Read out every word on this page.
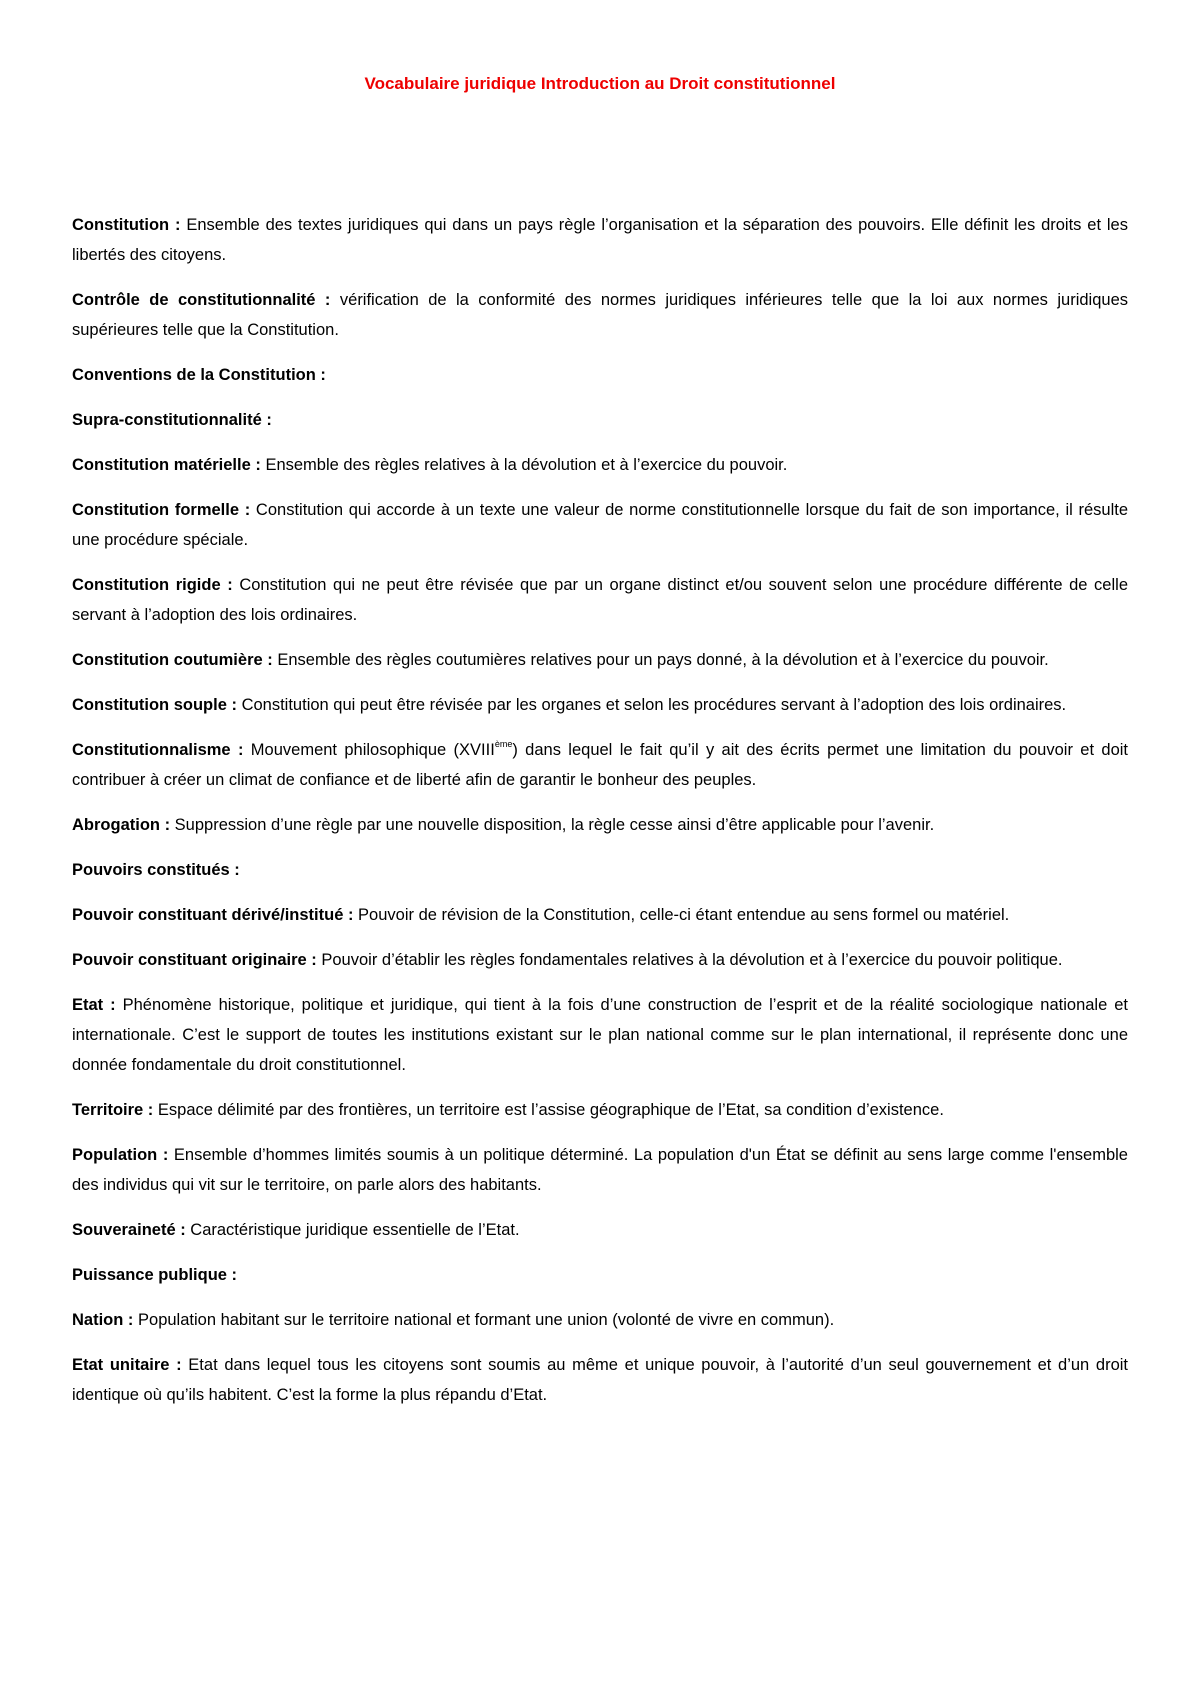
Vocabulaire juridique Introduction au Droit constitutionnel

Constitution : Ensemble des textes juridiques qui dans un pays règle l’organisation et la séparation des pouvoirs. Elle définit les droits et les libertés des citoyens.

Contrôle de constitutionnalité : vérification de la conformité des normes juridiques inférieures telle que la loi aux normes juridiques supérieures telle que la Constitution.

Conventions de la Constitution :

Supra-constitutionnalité :

Constitution matérielle : Ensemble des règles relatives à la dévolution et à l’exercice du pouvoir.

Constitution formelle : Constitution qui accorde à un texte une valeur de norme constitutionnelle lorsque du fait de son importance, il résulte une procédure spéciale.

Constitution rigide : Constitution qui ne peut être révisée que par un organe distinct et/ou souvent selon une procédure différente de celle servant à l’adoption des lois ordinaires.

Constitution coutumière : Ensemble des règles coutumières relatives pour un pays donné, à la dévolution et à l’exercice du pouvoir.

Constitution souple : Constitution qui peut être révisée par les organes et selon les procédures servant à l’adoption des lois ordinaires.

Constitutionnalisme : Mouvement philosophique (XVIIIème) dans lequel le fait qu’il y ait des écrits permet une limitation du pouvoir et doit contribuer à créer un climat de confiance et de liberté afin de garantir le bonheur des peuples.

Abrogation : Suppression d’une règle par une nouvelle disposition, la règle cesse ainsi d’être applicable pour l’avenir.

Pouvoirs constitués :

Pouvoir constituant dérivé/institué : Pouvoir de révision de la Constitution, celle-ci étant entendue au sens formel ou matériel.

Pouvoir constituant originaire : Pouvoir d’établir les règles fondamentales relatives à la dévolution et à l’exercice du pouvoir politique.

Etat : Phénomène historique, politique et juridique, qui tient à la fois d’une construction de l’esprit et de la réalité sociologique nationale et internationale. C’est le support de toutes les institutions existant sur le plan national comme sur le plan international, il représente donc une donnée fondamentale du droit constitutionnel.

Territoire : Espace délimité par des frontières, un territoire est l’assise géographique de l’Etat, sa condition d’existence.

Population : Ensemble d’hommes limités soumis à un politique déterminé. La population d'un État se définit au sens large comme l'ensemble des individus qui vit sur le territoire, on parle alors des habitants.

Souveraineté : Caractéristique juridique essentielle de l’Etat.

Puissance publique :

Nation : Population habitant sur le territoire national et formant une union (volonté de vivre en commun).

Etat unitaire : Etat dans lequel tous les citoyens sont soumis au même et unique pouvoir, à l’autorité d’un seul gouvernement et d’un droit identique où qu’ils habitent. C’est la forme la plus répandu d’Etat.
